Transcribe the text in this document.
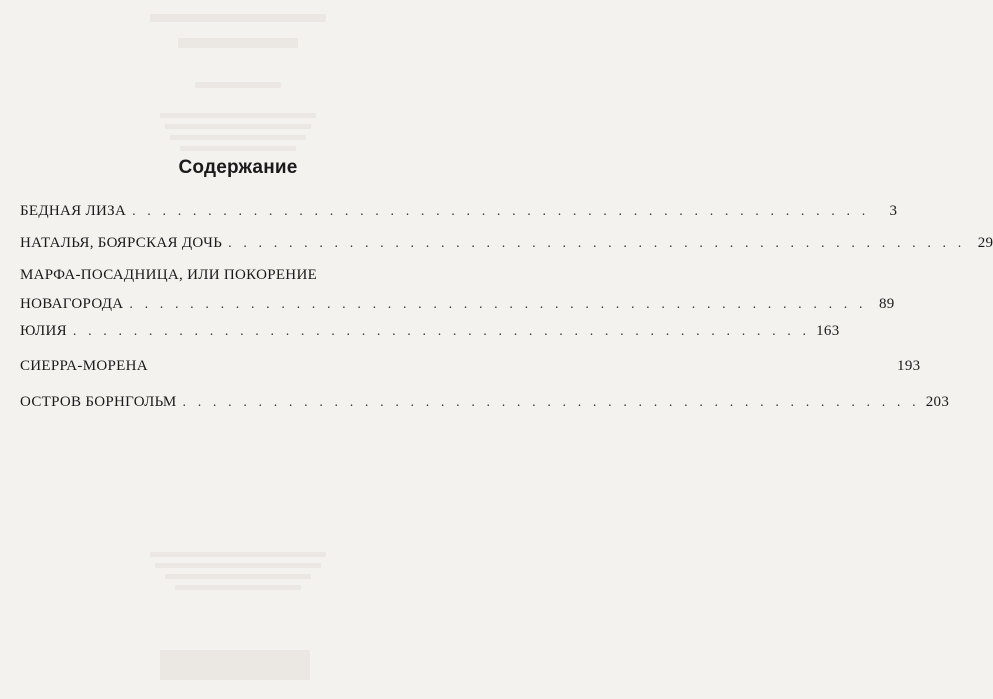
Содержание
БЕДНАЯ ЛИЗА . . . . . . . . . . . . . . . . . . . . . . . . . . . . . . . . . . . . . . . . . . . . . . . . .	3
НАТАЛЬЯ, БОЯРСКАЯ ДОЧЬ . . . . . . . . . . . . . . . . . . . . . . . . . . . . . . . . . . . . . . . . . . . . . . . . . 29
МАРФА-ПОСАДНИЦА, ИЛИ ПОКОРЕНИЕ
НОВАГОРОДА . . . . . . . . . . . . . . . . . . . . . . . . . . . . . . . . . . . . . . . . . . . . . . . . . 89
ЮЛИЯ . . . . . . . . . . . . . . . . . . . . . . . . . . . . . . . . . . . . . . . . . . . . . . . . . 163
СИЕРРА-МОРЕНА	193
ОСТРОВ БОРНГОЛЬМ . . . . . . . . . . . . . . . . . . . . . . . . . . . . . . . . . . . . . . . . . . . . . . . . . 203
